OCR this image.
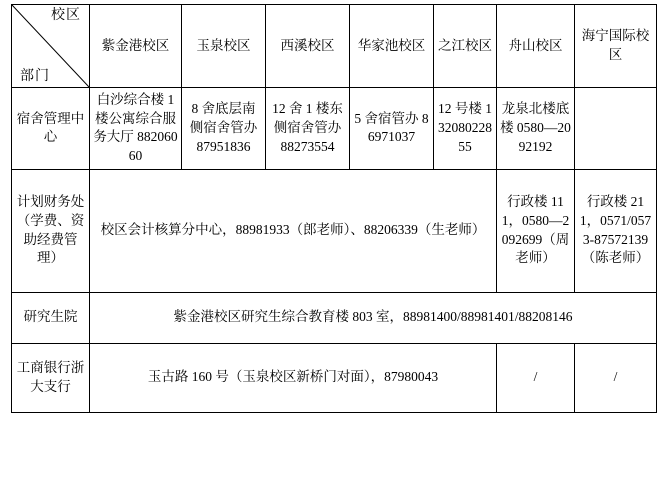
校区
部门	紫金港校区	玉泉校区	西溪校区	华家池校区	之江校区	舟山校区	海宁国际校区
宿舍管理中心	白沙综合楼 1 楼公寓综合服务大厅 88206060	8 舍底层南侧宿舍管办 87951836	12 舍 1 楼东侧宿舍管办 88273554	5 舍宿管办 86971037	12 号楼 13208022855	龙泉北楼底楼 0580—2092192	
计划财务处（学费、资助经费管理）	校区会计核算分中心，88981933（郎老师）、88206339（生老师）					行政楼 111，0580—2092699（周老师）	行政楼 211，0571/0573-87572139（陈老师）
研究生院	紫金港校区研究生综合教育楼 803 室，88981400/88981401/88208146						
工商银行浙大支行	玉古路 160 号（玉泉校区新桥门对面），87980043					/	/
